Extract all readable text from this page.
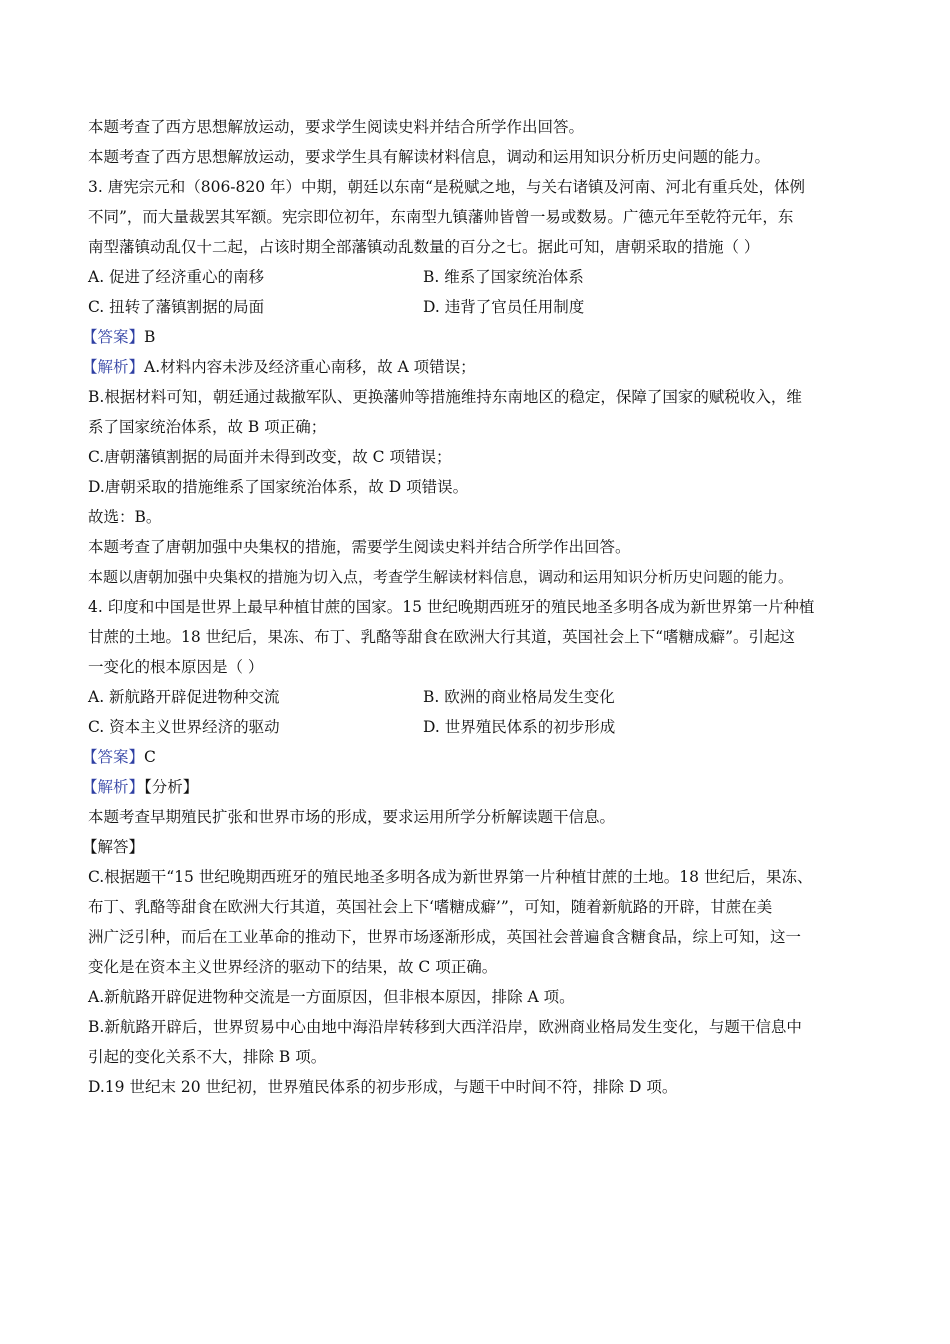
本题考查了西方思想解放运动，要求学生阅读史料并结合所学作出回答。
本题考查了西方思想解放运动，要求学生具有解读材料信息，调动和运用知识分析历史问题的能力。
3. 唐宪宗元和（806-820 年）中期，朝廷以东南“是税赋之地，与关右诸镇及河南、河北有重兵处，体例
不同”，而大量裁罢其军额。宪宗即位初年，东南型九镇藩帅皆曾一易或数易。广德元年至乾符元年，东
南型藩镇动乱仅十二起，占该时期全部藩镇动乱数量的百分之七。据此可知，唐朝采取的措施（ ）
A. 促进了经济重心的南移	B. 维系了国家统治体系
C. 扭转了藩镇割据的局面	D. 违背了官员任用制度
【答案】B
【解析】A.材料内容未涉及经济重心南移，故 A 项错误；
B.根据材料可知，朝廷通过裁撤军队、更换藩帅等措施维持东南地区的稳定，保障了国家的赋税收入，维
系了国家统治体系，故 B 项正确；
C.唐朝藩镇割据的局面并未得到改变，故 C 项错误；
D.唐朝采取的措施维系了国家统治体系，故 D 项错误。
故选：B。
本题考查了唐朝加强中央集权的措施，需要学生阅读史料并结合所学作出回答。
本题以唐朝加强中央集权的措施为切入点，考查学生解读材料信息，调动和运用知识分析历史问题的能力。
4. 印度和中国是世界上最早种植甘蔗的国家。15 世纪晚期西班牙的殖民地圣多明各成为新世界第一片种植
甘蔗的土地。18 世纪后，果冻、布丁、乳酪等甜食在欧洲大行其道，英国社会上下“嗜糖成癖”。引起这
一变化的根本原因是（ ）
A. 新航路开辟促进物种交流	B. 欧洲的商业格局发生变化
C. 资本主义世界经济的驱动	D. 世界殖民体系的初步形成
【答案】C
【解析】【分析】
本题考查早期殖民扩张和世界市场的形成，要求运用所学分析解读题干信息。
【解答】
C.根据题干“15 世纪晚期西班牙的殖民地圣多明各成为新世界第一片种植甘蔗的土地。18 世纪后，果冻、
布丁、乳酪等甜食在欧洲大行其道，英国社会上下‘嗜糖成癖’”，可知，随着新航路的开辟，甘蔗在美
洲广泛引种，而后在工业革命的推动下，世界市场逐渐形成，英国社会普遍食含糖食品，综上可知，这一
变化是在资本主义世界经济的驱动下的结果，故 C 项正确。
A.新航路开辟促进物种交流是一方面原因，但非根本原因，排除 A 项。
B.新航路开辟后，世界贸易中心由地中海沿岸转移到大西洋沿岸，欧洲商业格局发生变化，与题干信息中
引起的变化关系不大，排除 B 项。
D.19 世纪末 20 世纪初，世界殖民体系的初步形成，与题干中时间不符，排除 D 项。
